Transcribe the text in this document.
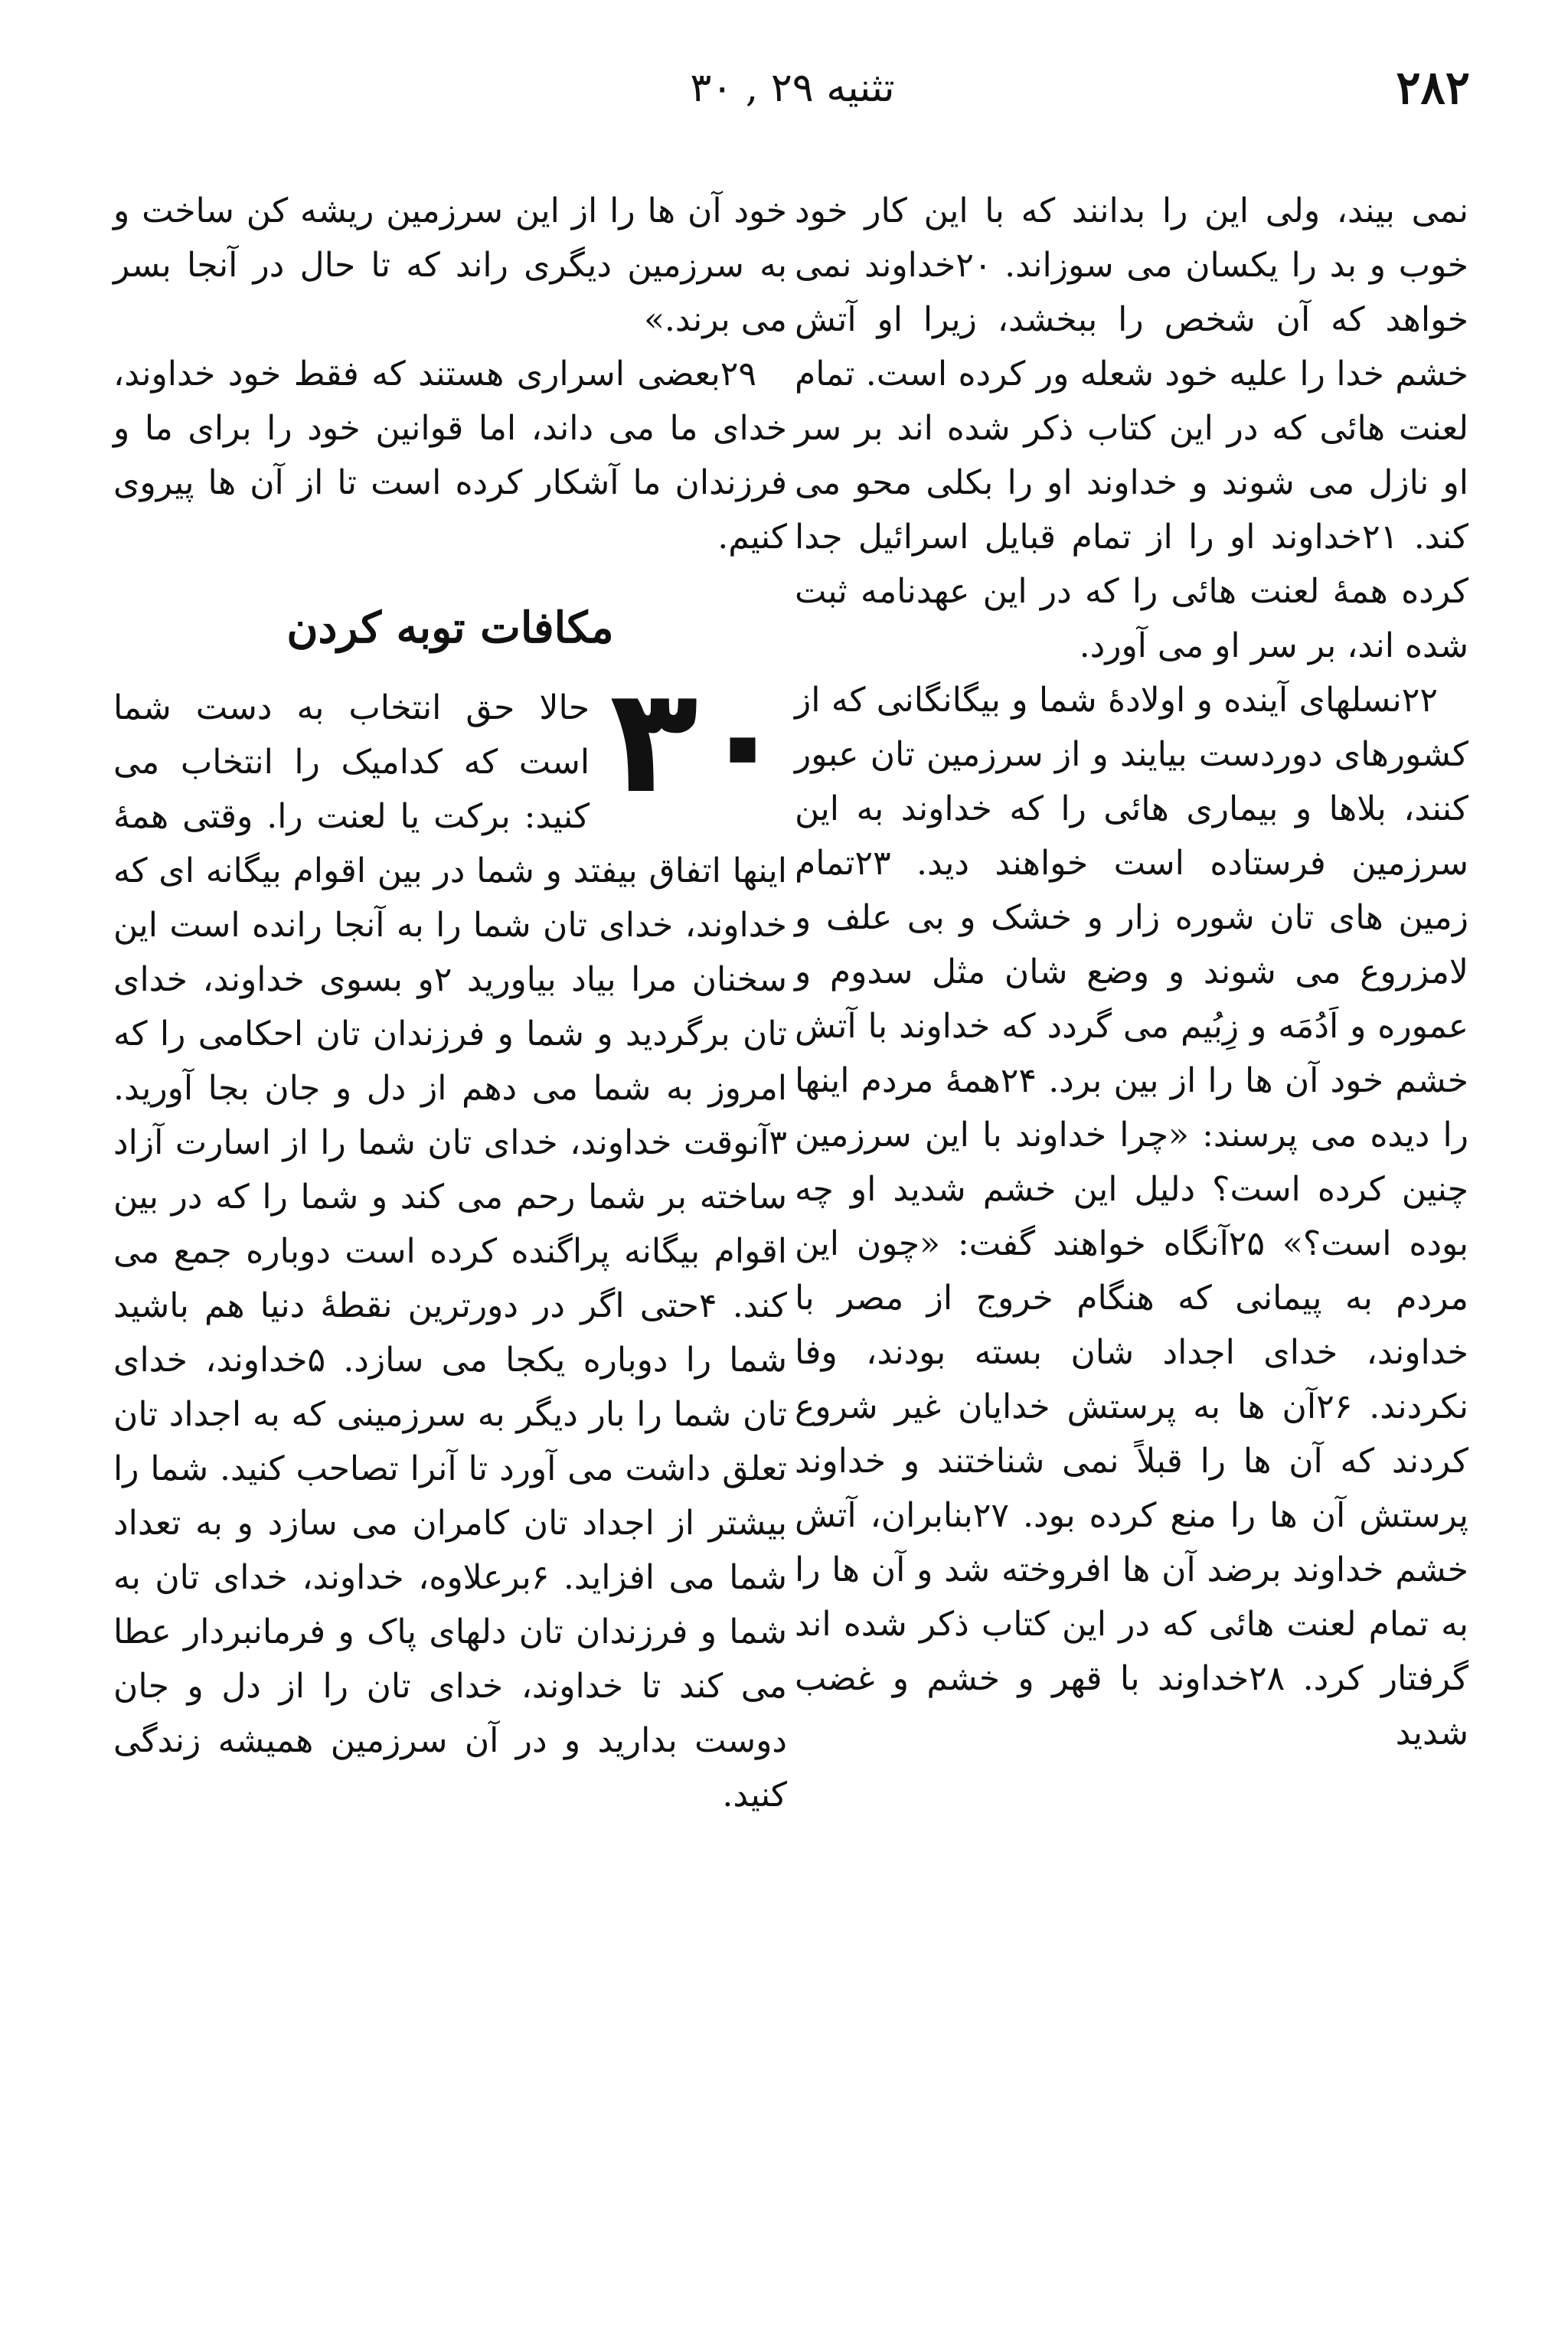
۲۸۲
تثنیه ۲۹ , ۳۰

نمی بیند، ولی این را بدانند که با این کار خود خوب و بد را یکسان می سوزاند. ۲۰خداوند نمی خواهد که آن شخص را ببخشد، زیرا او آتش خشم خدا را علیه خود شعله ور کرده است. تمام لعنت هائی که در این کتاب ذکر شده اند بر سر او نازل می شوند و خداوند او را بکلی محو می کند. ۲۱خداوند او را از تمام قبایل اسرائیل جدا کرده همهٔ لعنت هائی را که در این عهدنامه ثبت شده اند، بر سر او می آورد.

۲۲نسلهای آینده و اولادهٔ شما و بیگانگانی که از کشورهای دوردست بیایند و از سرزمین تان عبور کنند، بلاها و بیماری هائی را که خداوند به این سرزمین فرستاده است خواهند دید. ۲۳تمام زمین های تان شوره زار و خشک و بی علف و لامزروع می شوند و وضع شان مثل سدوم و عموره و اَدُمَه و زِبُیم می گردد که خداوند با آتش خشم خود آن ها را از بین برد. ۲۴همهٔ مردم اینها را دیده می پرسند: «چرا خداوند با این سرزمین چنین کرده است؟ دلیل این خشم شدید او چه بوده است؟» ۲۵آنگاه خواهند گفت: «چون این مردم به پیمانی که هنگام خروج از مصر با خداوند، خدای اجداد شان بسته بودند، وفا نکردند. ۲۶آن ها به پرستش خدایان غیر شروع کردند که آن ها را قبلاً نمی شناختند و خداوند پرستش آن ها را منع کرده بود. ۲۷بنابران، آتش خشم خداوند برضد آن ها افروخته شد و آن ها را به تمام لعنت هائی که در این کتاب ذکر شده اند گرفتار کرد. ۲۸خداوند با قهر و خشم و غضب شدید

خود آن ها را از این سرزمین ریشه کن ساخت و به سرزمین دیگری راند که تا حال در آنجا بسر می برند.»

۲۹بعضی اسراری هستند که فقط خود خداوند، خدای ما می داند، اما قوانین خود را برای ما و فرزندان ما آشکار کرده است تا از آن ها پیروی کنیم.

مکافات توبه کردن
۳۰
حالا حق انتخاب به دست شما است که کدامیک را انتخاب می کنید: برکت یا لعنت را. وقتی همهٔ اینها اتفاق بیفتد و شما در بین اقوام بیگانه ای که خداوند، خدای تان شما را به آنجا رانده است این سخنان مرا بیاد بیاورید ۲و بسوی خداوند، خدای تان برگردید و شما و فرزندان تان احکامی را که امروز به شما می دهم از دل و جان بجا آورید. ۳آنوقت خداوند، خدای تان شما را از اسارت آزاد ساخته بر شما رحم می کند و شما را که در بین اقوام بیگانه پراگنده کرده است دوباره جمع می کند. ۴حتی اگر در دورترین نقطهٔ دنیا هم باشید شما را دوباره یکجا می سازد. ۵خداوند، خدای تان شما را بار دیگر به سرزمینی که به اجداد تان تعلق داشت می آورد تا آنرا تصاحب کنید. شما را بیشتر از اجداد تان کامران می سازد و به تعداد شما می افزاید. ۶برعلاوه، خداوند، خدای تان به شما و فرزندان تان دلهای پاک و فرمانبردار عطا می کند تا خداوند، خدای تان را از دل و جان دوست بدارید و در آن سرزمین همیشه زندگی کنید.
